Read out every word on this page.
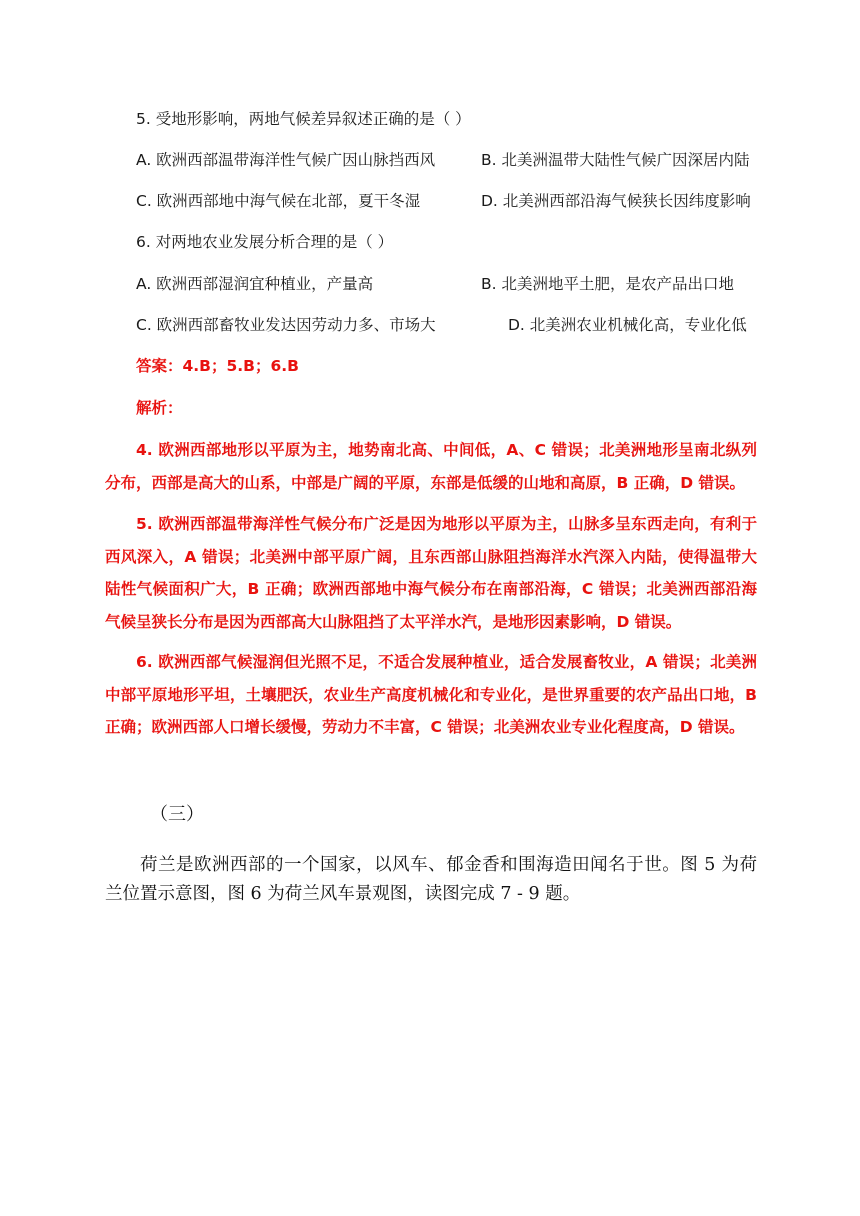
5. 受地形影响，两地气候差异叙述正确的是（ ）
A. 欧洲西部温带海洋性气候广因山脉挡西风	B. 北美洲温带大陆性气候广因深居内陆
C. 欧洲西部地中海气候在北部，夏干冬湿	D. 北美洲西部沿海气候狭长因纬度影响
6. 对两地农业发展分析合理的是（ ）
A. 欧洲西部湿润宜种植业，产量高	B. 北美洲地平土肥，是农产品出口地
C. 欧洲西部畜牧业发达因劳动力多、市场大	D. 北美洲农业机械化高，专业化低
答案：4.B；5.B；6.B
解析：
4. 欧洲西部地形以平原为主，地势南北高、中间低，A、C 错误；北美洲地形呈南北纵列分布，西部是高大的山系，中部是广阔的平原，东部是低缓的山地和高原，B 正确，D 错误。
5. 欧洲西部温带海洋性气候分布广泛是因为地形以平原为主，山脉多呈东西走向，有利于西风深入，A 错误；北美洲中部平原广阔，且东西部山脉阻挡海洋水汽深入内陆，使得温带大陆性气候面积广大，B 正确；欧洲西部地中海气候分布在南部沿海，C 错误；北美洲西部沿海气候呈狭长分布是因为西部高大山脉阻挡了太平洋水汽，是地形因素影响，D 错误。
6. 欧洲西部气候湿润但光照不足，不适合发展种植业，适合发展畜牧业，A 错误；北美洲中部平原地形平坦，土壤肥沃，农业生产高度机械化和专业化，是世界重要的农产品出口地，B 正确；欧洲西部人口增长缓慢，劳动力不丰富，C 错误；北美洲农业专业化程度高，D 错误。
（三）
荷兰是欧洲西部的一个国家，以风车、郁金香和围海造田闻名于世。图 5 为荷兰位置示意图，图 6 为荷兰风车景观图，读图完成 7 - 9 题。
